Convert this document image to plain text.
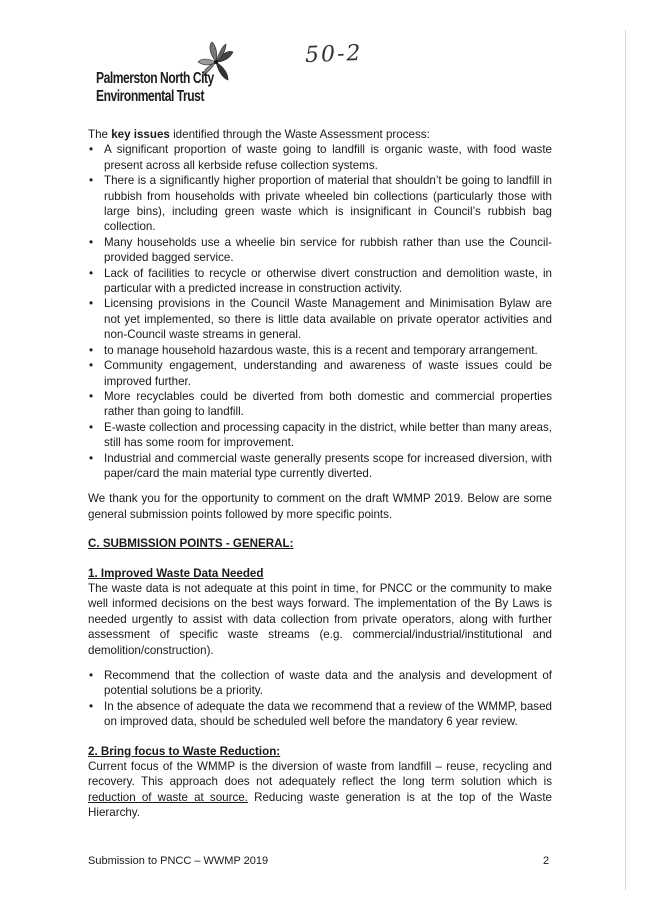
Palmerston North City
Environmental Trust
50-2

The key issues identified through the Waste Assessment process:

• A significant proportion of waste going to landfill is organic waste, with food waste present across all kerbside refuse collection systems.
• There is a significantly higher proportion of material that shouldn’t be going to landfill in rubbish from households with private wheeled bin collections (particularly those with large bins), including green waste which is insignificant in Council’s rubbish bag collection.
• Many households use a wheelie bin service for rubbish rather than use the Council-provided bagged service.
• Lack of facilities to recycle or otherwise divert construction and demolition waste, in particular with a predicted increase in construction activity.
• Licensing provisions in the Council Waste Management and Minimisation Bylaw are not yet implemented, so there is little data available on private operator activities and non-Council waste streams in general.
• to manage household hazardous waste, this is a recent and temporary arrangement.
• Community engagement, understanding and awareness of waste issues could be improved further.
• More recyclables could be diverted from both domestic and commercial properties rather than going to landfill.
• E-waste collection and processing capacity in the district, while better than many areas, still has some room for improvement.
• Industrial and commercial waste generally presents scope for increased diversion, with paper/card the main material type currently diverted.

We thank you for the opportunity to comment on the draft WMMP 2019. Below are some general submission points followed by more specific points.

C. SUBMISSION POINTS - GENERAL:

1. Improved Waste Data Needed

The waste data is not adequate at this point in time, for PNCC or the community to make well informed decisions on the best ways forward. The implementation of the By Laws is needed urgently to assist with data collection from private operators, along with further assessment of specific waste streams (e.g. commercial/industrial/institutional and

demolition/construction).

• Recommend that the collection of waste data and the analysis and development of potential solutions be a priority.
• In the absence of adequate the data we recommend that a review of the WMMP, based on improved data, should be scheduled well before the mandatory 6 year review.

2. Bring focus to Waste Reduction:

Current focus of the WMMP is the diversion of waste from landfill – reuse, recycling and recovery. This approach does not adequately reflect the long term solution which is reduction of waste at source. Reducing waste generation is at the top of the Waste Hierarchy.

Submission to PNCC – WWMP 2019	2
